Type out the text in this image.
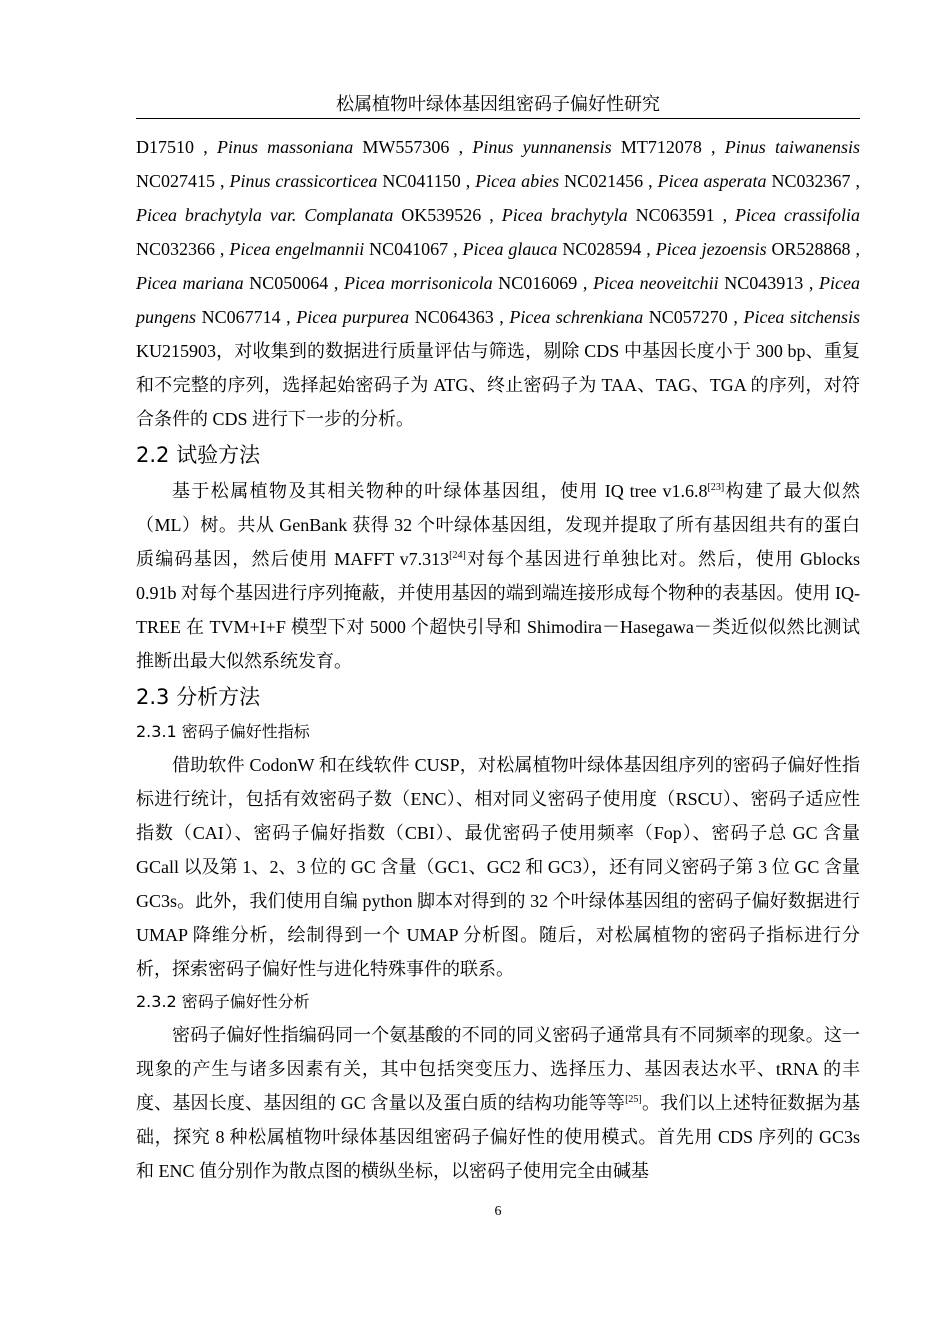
松属植物叶绿体基因组密码子偏好性研究

D17510 , Pinus massoniana MW557306 , Pinus yunnanensis MT712078 , Pinus taiwanensis NC027415 , Pinus crassicorticea NC041150 , Picea abies NC021456 , Picea asperata NC032367 , Picea brachytyla var. Complanata OK539526 , Picea brachytyla NC063591 , Picea crassifolia NC032366 , Picea engelmannii NC041067 , Picea glauca NC028594 , Picea jezoensis OR528868 , Picea mariana NC050064 , Picea morrisonicola NC016069 , Picea neoveitchii NC043913 , Picea pungens NC067714 , Picea purpurea NC064363 , Picea schrenkiana NC057270 , Picea sitchensis KU215903，对收集到的数据进行质量评估与筛选，剔除 CDS 中基因长度小于 300 bp、重复和不完整的序列，选择起始密码子为 ATG、终止密码子为 TAA、TAG、TGA 的序列，对符合条件的 CDS 进行下一步的分析。

2.2 试验方法

基于松属植物及其相关物种的叶绿体基因组，使用 IQ tree v1.6.8[23]构建了最大似然（ML）树。共从 GenBank 获得 32 个叶绿体基因组，发现并提取了所有基因组共有的蛋白质编码基因，然后使用 MAFFT v7.313[24]对每个基因进行单独比对。然后，使用 Gblocks 0.91b 对每个基因进行序列掩蔽，并使用基因的端到端连接形成每个物种的表基因。使用 IQ-TREE 在 TVM+I+F 模型下对 5000 个超快引导和 Shimodira－Hasegawa－类近似似然比测试推断出最大似然系统发育。

2.3 分析方法
2.3.1 密码子偏好性指标

借助软件 CodonW 和在线软件 CUSP，对松属植物叶绿体基因组序列的密码子偏好性指标进行统计，包括有效密码子数（ENC）、相对同义密码子使用度（RSCU）、密码子适应性指数（CAI）、密码子偏好指数（CBI）、最优密码子使用频率（Fop）、密码子总 GC 含量 GCall 以及第 1、2、3 位的 GC 含量（GC1、GC2 和 GC3），还有同义密码子第 3 位 GC 含量 GC3s。此外，我们使用自编 python 脚本对得到的 32 个叶绿体基因组的密码子偏好数据进行 UMAP 降维分析，绘制得到一个 UMAP 分析图。随后，对松属植物的密码子指标进行分析，探索密码子偏好性与进化特殊事件的联系。

2.3.2 密码子偏好性分析

密码子偏好性指编码同一个氨基酸的不同的同义密码子通常具有不同频率的现象。这一现象的产生与诸多因素有关，其中包括突变压力、选择压力、基因表达水平、tRNA 的丰度、基因长度、基因组的 GC 含量以及蛋白质的结构功能等等[25]。我们以上述特征数据为基础，探究 8 种松属植物叶绿体基因组密码子偏好性的使用模式。首先用 CDS 序列的 GC3s 和 ENC 值分别作为散点图的横纵坐标，以密码子使用完全由碱基

6
